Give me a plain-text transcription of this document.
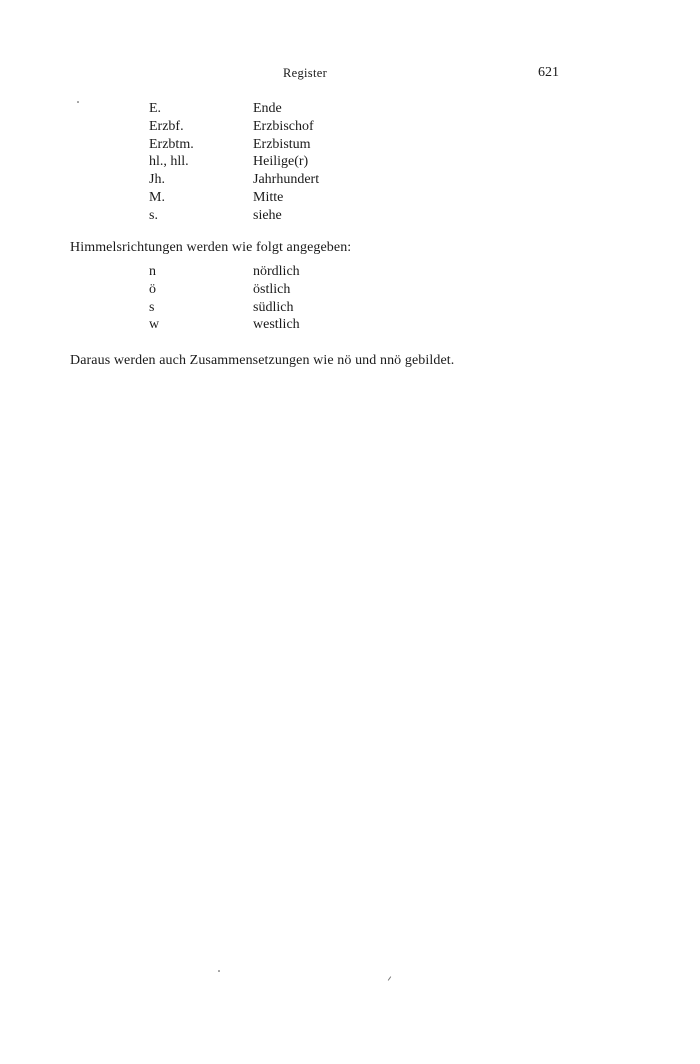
Register	621
E.	Ende
Erzbf.	Erzbischof
Erzbtm.	Erzbistum
hl., hll.	Heilige(r)
Jh.	Jahrhundert
M.	Mitte
s.	siehe
Himmelsrichtungen werden wie folgt angegeben:
n	nördlich
ö	östlich
s	südlich
w	westlich
Daraus werden auch Zusammensetzungen wie nö und nnö gebildet.
